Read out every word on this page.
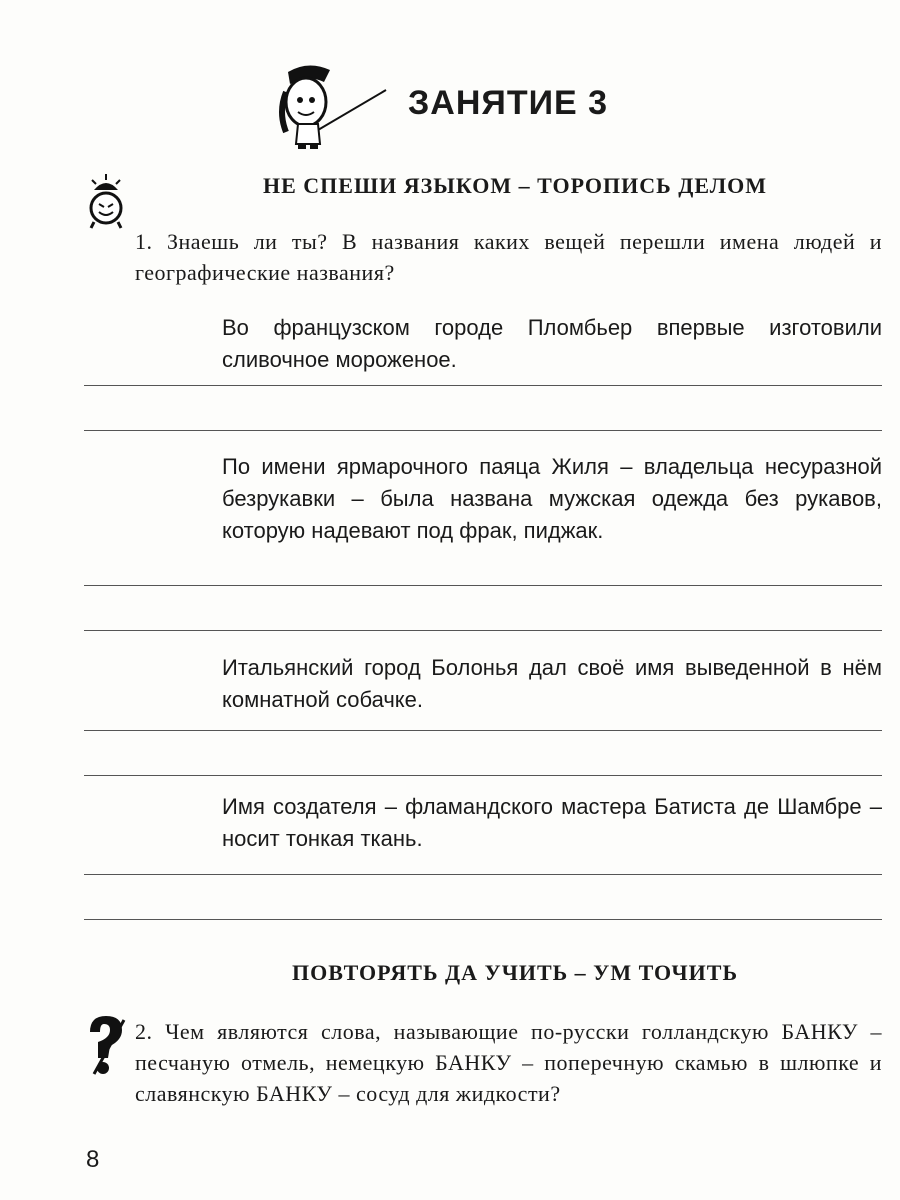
ЗАНЯТИЕ 3
НЕ СПЕШИ ЯЗЫКОМ – ТОРОПИСЬ ДЕЛОМ
1. Знаешь ли ты? В названия каких вещей перешли имена людей и географические названия?
Во французском городе Пломбьер впервые изготовили сливочное мороженое.
По имени ярмарочного паяца Жиля – владельца несуразной безрукавки – была названа мужская одежда без рукавов, которую надевают под фрак, пиджак.
Итальянский город Болонья дал своё имя выведенной в нём комнатной собачке.
Имя создателя – фламандского мастера Батиста де Шамбре – носит тонкая ткань.
ПОВТОРЯТЬ ДА УЧИТЬ – УМ ТОЧИТЬ
2. Чем являются слова, называющие по-русски голландскую БАНКУ – песчаную отмель, немецкую БАНКУ – поперечную скамью в шлюпке и славянскую БАНКУ – сосуд для жидкости?
8
